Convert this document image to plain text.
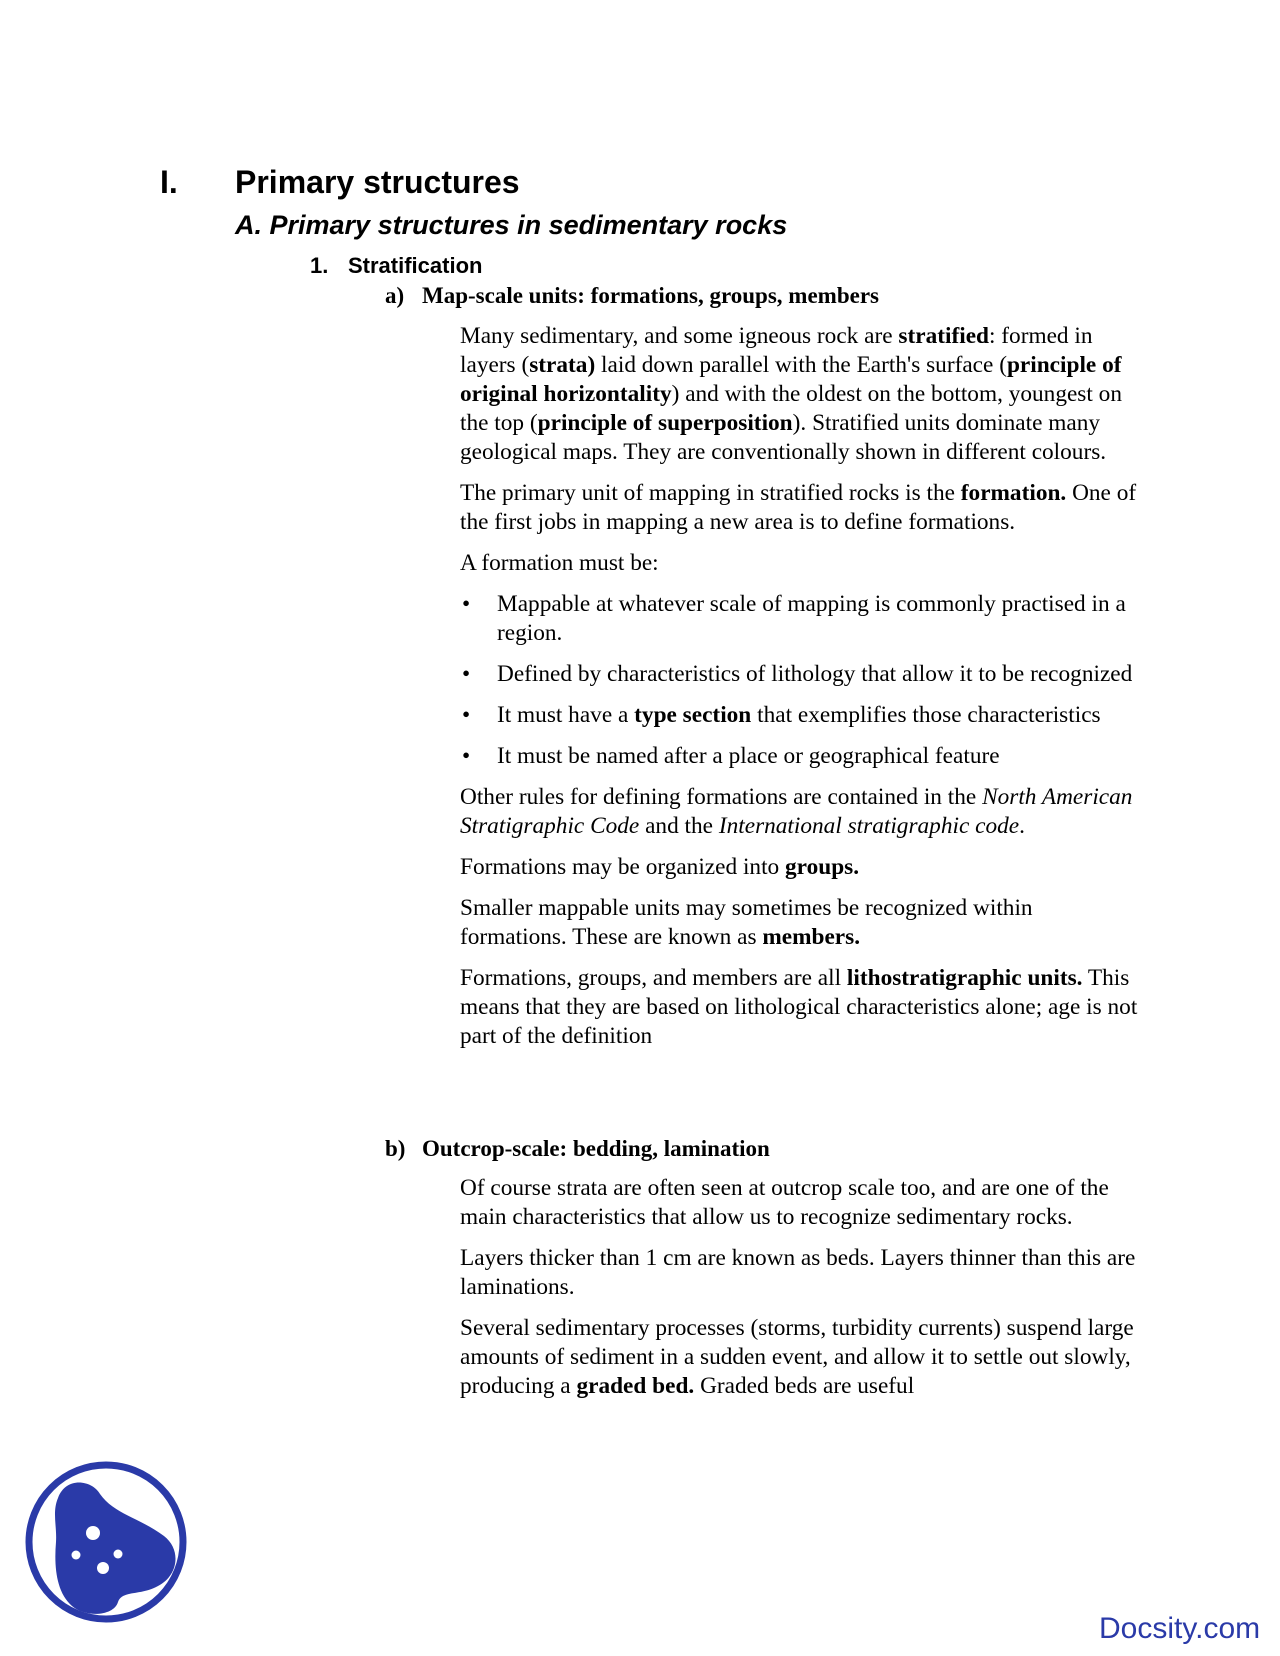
I. Primary structures
A. Primary structures in sedimentary rocks
1. Stratification
a) Map-scale units: formations, groups, members

Many sedimentary, and some igneous rock are stratified: formed in layers (strata) laid down parallel with the Earth's surface (principle of original horizontality) and with the oldest on the bottom, youngest on the top (principle of superposition). Stratified units dominate many geological maps. They are conventionally shown in different colours.

The primary unit of mapping in stratified rocks is the formation. One of the first jobs in mapping a new area is to define formations.

A formation must be:

• Mappable at whatever scale of mapping is commonly practised in a region.
• Defined by characteristics of lithology that allow it to be recognized
• It must have a type section that exemplifies those characteristics
• It must be named after a place or geographical feature

Other rules for defining formations are contained in the North American Stratigraphic Code and the International stratigraphic code.

Formations may be organized into groups.

Smaller mappable units may sometimes be recognized within formations. These are known as members.

Formations, groups, and members are all lithostratigraphic units. This means that they are based on lithological characteristics alone; age is not part of the definition

b) Outcrop-scale: bedding, lamination

Of course strata are often seen at outcrop scale too, and are one of the main characteristics that allow us to recognize sedimentary rocks.

Layers thicker than 1 cm are known as beds. Layers thinner than this are laminations.

Several sedimentary processes (storms, turbidity currents) suspend large amounts of sediment in a sudden event, and allow it to settle out slowly, producing a graded bed. Graded beds are useful

Docsity.com
